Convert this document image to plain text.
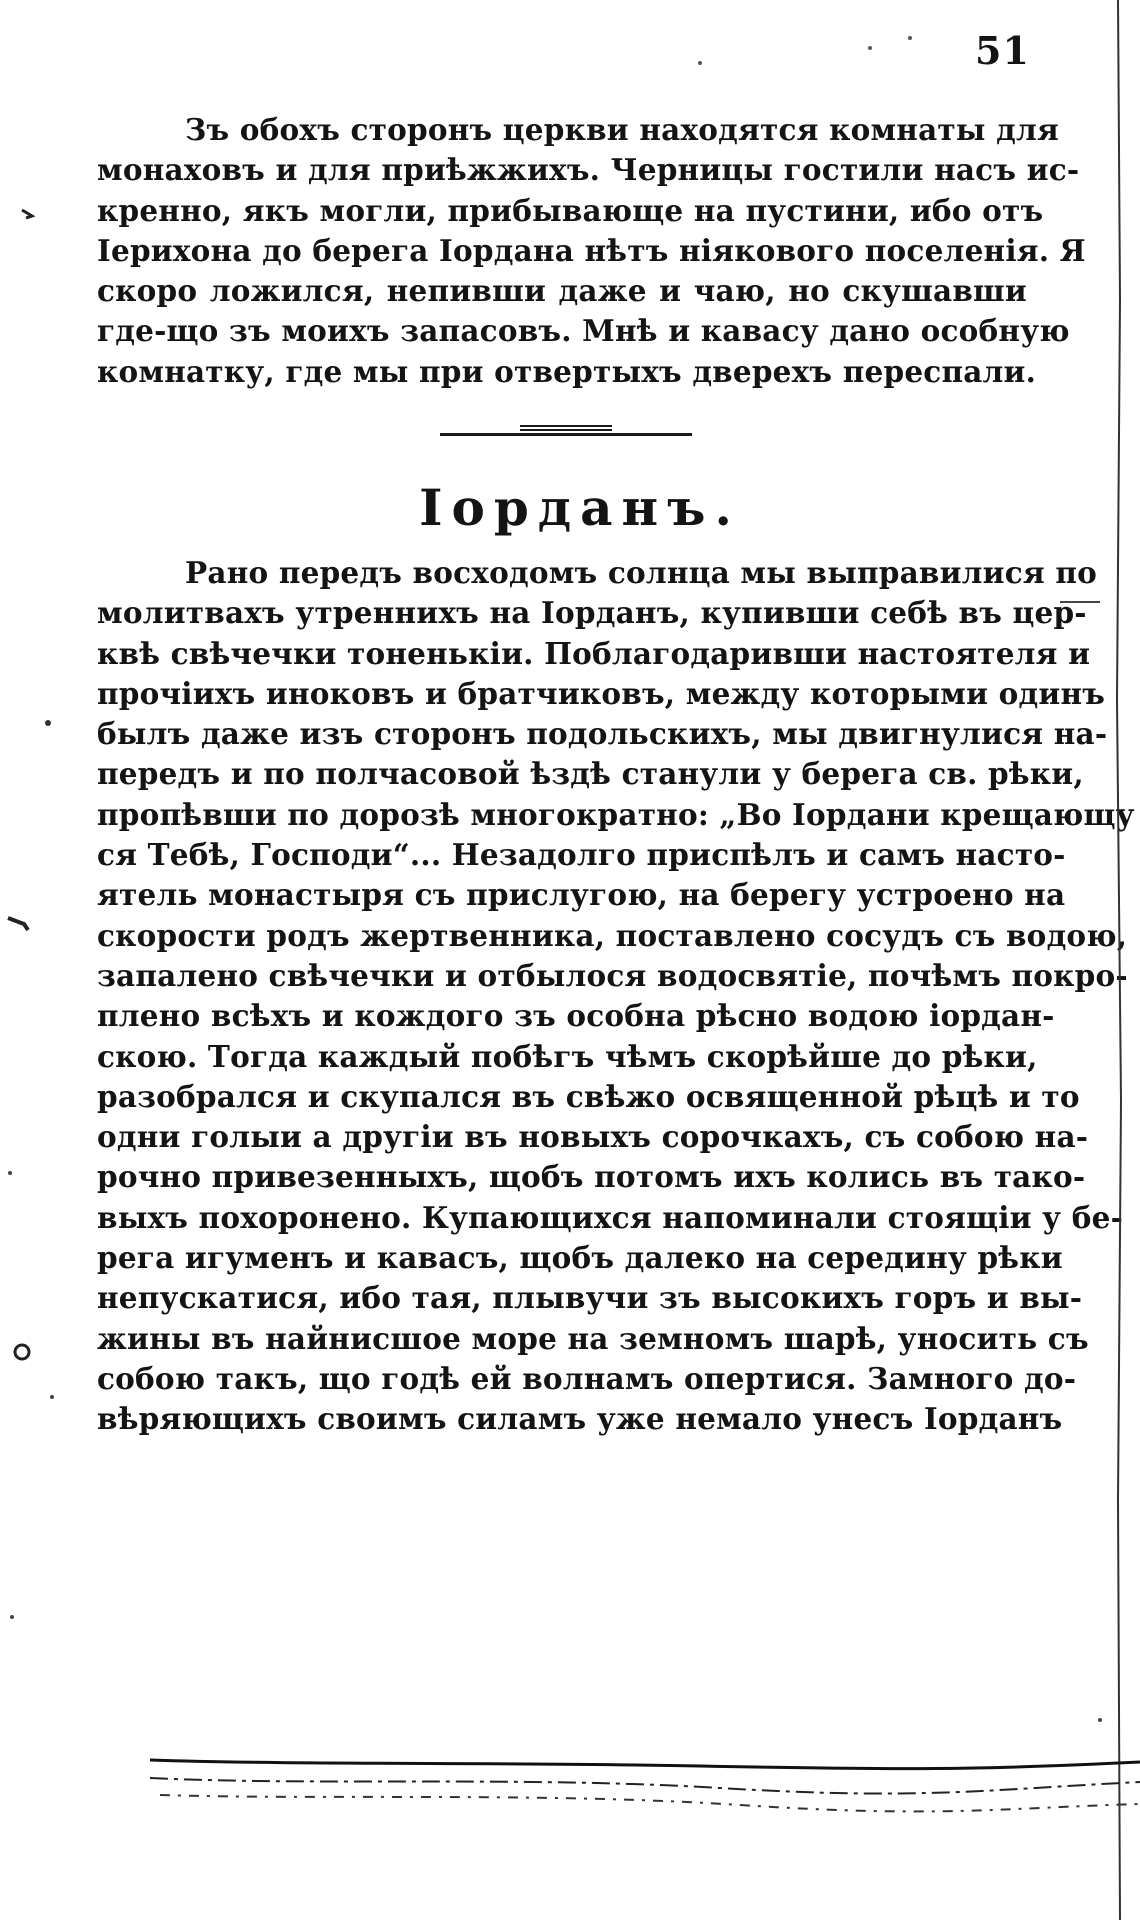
51
Зъ обохъ сторонъ церкви находятся комнаты для
монаховъ и для приѣжжихъ. Черницы гостили насъ ис-
кренно, якъ могли, прибывающе на пустини, ибо отъ
Іерихона до берега Іордана нѣтъ ніякового поселенія. Я
скоро ложился, непивши даже и чаю, но скушавши
где-що зъ моихъ запасовъ. Мнѣ и кавасу дано особную
комнатку, где мы при отвертыхъ дверехъ переспали.
Іорданъ.
Рано передъ восходомъ солнца мы выправилися по
молитвахъ утреннихъ на Іорданъ, купивши себѣ въ цер-
квѣ свѣчечки тоненькіи. Поблагодаривши настоятеля и
прочіихъ иноковъ и братчиковъ, между которыми одинъ
былъ даже изъ сторонъ подольскихъ, мы двигнулися на-
передъ и по полчасовой ѣздѣ станули у берега св. рѣки,
пропѣвши по дорозѣ многократно: „Во Іордани крещающу
ся Тебѣ, Господи“... Незадолго приспѣлъ и самъ насто-
ятель монастыря съ прислугою, на берегу устроено на
скорости родъ жертвенника, поставлено сосудъ съ водою,
запалено свѣчечки и отбылося водосвятіе, почѣмъ покро-
плено всѣхъ и кождого зъ особна рѣсно водою іордан-
скою. Тогда каждый побѣгъ чѣмъ скорѣйше до рѣки,
разобрался и скупался въ свѣжо освященной рѣцѣ и то
одни голыи а другіи въ новыхъ сорочкахъ, съ собою на-
рочно привезенныхъ, щобъ потомъ ихъ колись въ тако-
выхъ похоронено. Купающихся напоминали стоящіи у бе-
рега игуменъ и кавасъ, щобъ далеко на середину рѣки
непускатися, ибо тая, плывучи зъ высокихъ горъ и вы-
жины въ найнисшое море на земномъ шарѣ, уносить съ
собою такъ, що годѣ ей волнамъ опертися. Замного до-
вѣряющихъ своимъ силамъ уже немало унесъ Іорданъ
